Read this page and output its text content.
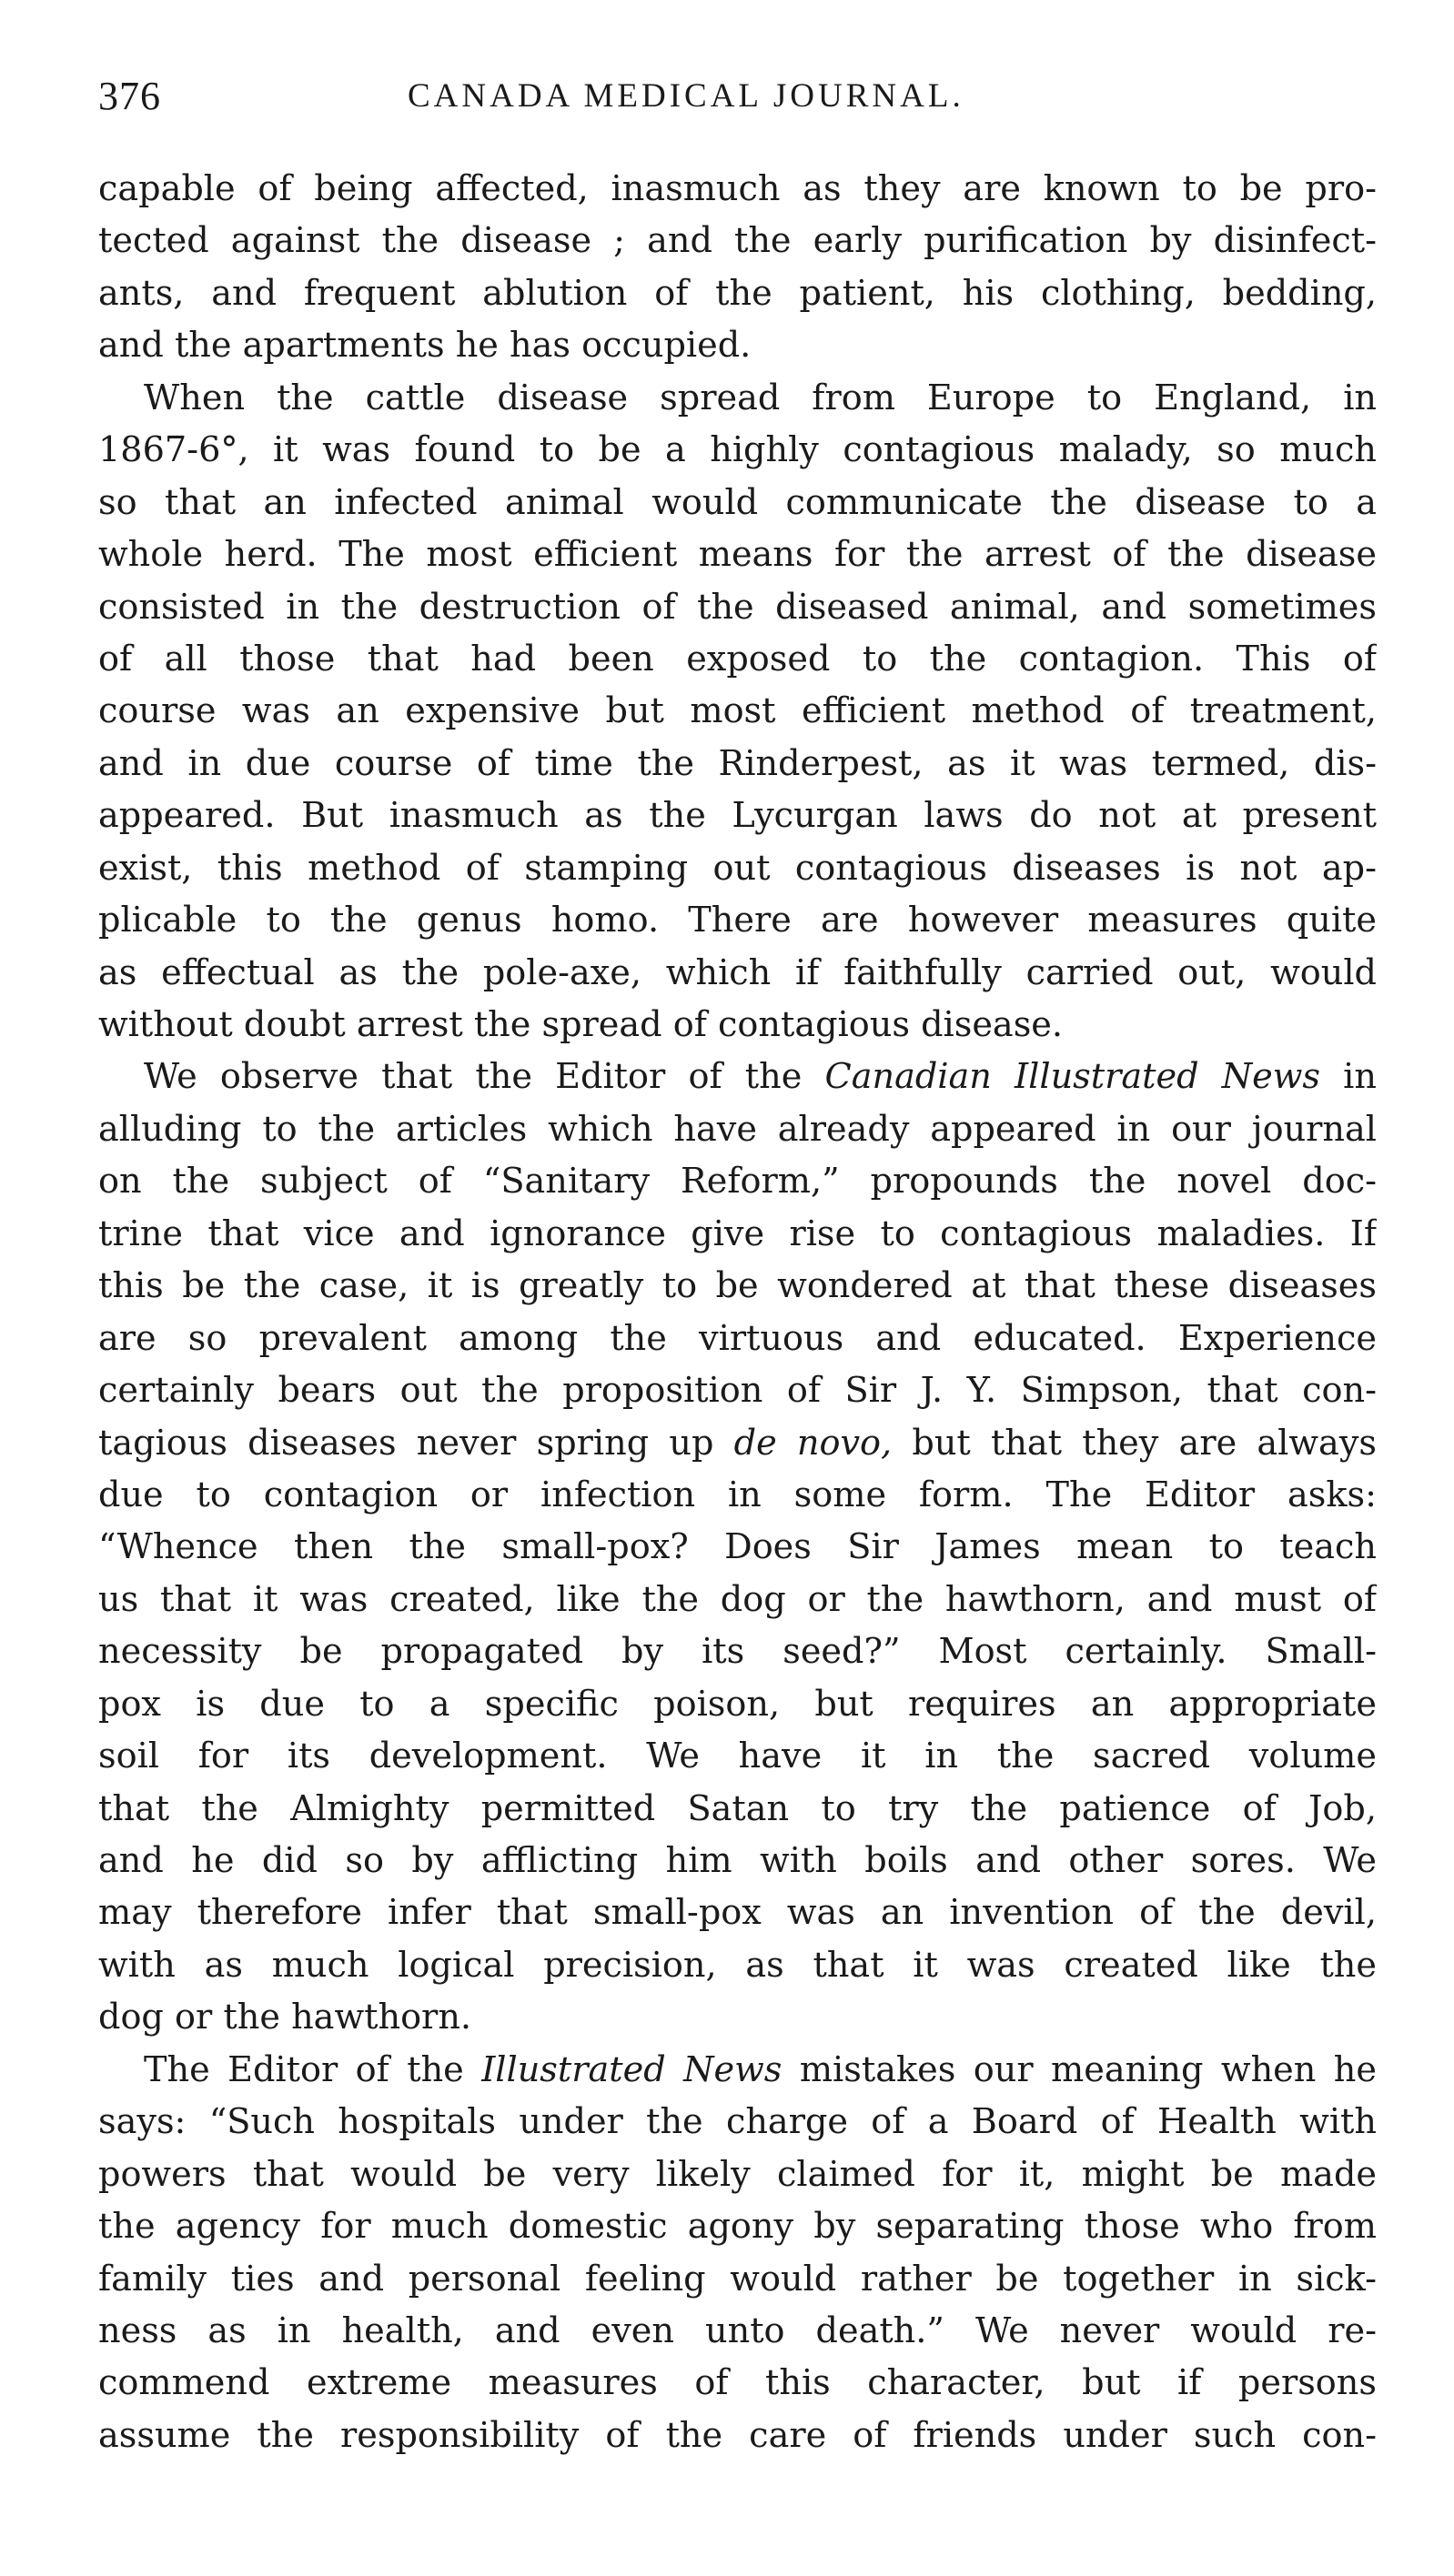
376	CANADA MEDICAL JOURNAL.
capable of being affected, inasmuch as they are known to be pro-
tected against the disease ; and the early purification by disinfect-
ants, and frequent ablution of the patient, his clothing, bedding,
and the apartments he has occupied.
When the cattle disease spread from Europe to England, in
1867-6°, it was found to be a highly contagious malady, so much
so that an infected animal would communicate the disease to a
whole herd. The most efficient means for the arrest of the disease
consisted in the destruction of the diseased animal, and sometimes
of all those that had been exposed to the contagion. This of
course was an expensive but most efficient method of treatment,
and in due course of time the Rinderpest, as it was termed, dis-
appeared. But inasmuch as the Lycurgan laws do not at present
exist, this method of stamping out contagious diseases is not ap-
plicable to the genus homo. There are however measures quite
as effectual as the pole-axe, which if faithfully carried out, would
without doubt arrest the spread of contagious disease.
We observe that the Editor of the Canadian Illustrated News in
alluding to the articles which have already appeared in our journal
on the subject of “Sanitary Reform,” propounds the novel doc-
trine that vice and ignorance give rise to contagious maladies. If
this be the case, it is greatly to be wondered at that these diseases
are so prevalent among the virtuous and educated. Experience
certainly bears out the proposition of Sir J. Y. Simpson, that con-
tagious diseases never spring up de novo, but that they are always
due to contagion or infection in some form. The Editor asks:
“Whence then the small-pox? Does Sir James mean to teach
us that it was created, like the dog or the hawthorn, and must of
necessity be propagated by its seed?” Most certainly. Small-
pox is due to a specific poison, but requires an appropriate
soil for its development. We have it in the sacred volume
that the Almighty permitted Satan to try the patience of Job,
and he did so by afflicting him with boils and other sores. We
may therefore infer that small-pox was an invention of the devil,
with as much logical precision, as that it was created like the
dog or the hawthorn.
The Editor of the Illustrated News mistakes our meaning when he
says: “Such hospitals under the charge of a Board of Health with
powers that would be very likely claimed for it, might be made
the agency for much domestic agony by separating those who from
family ties and personal feeling would rather be together in sick-
ness as in health, and even unto death.” We never would re-
commend extreme measures of this character, but if persons
assume the responsibility of the care of friends under such con-
